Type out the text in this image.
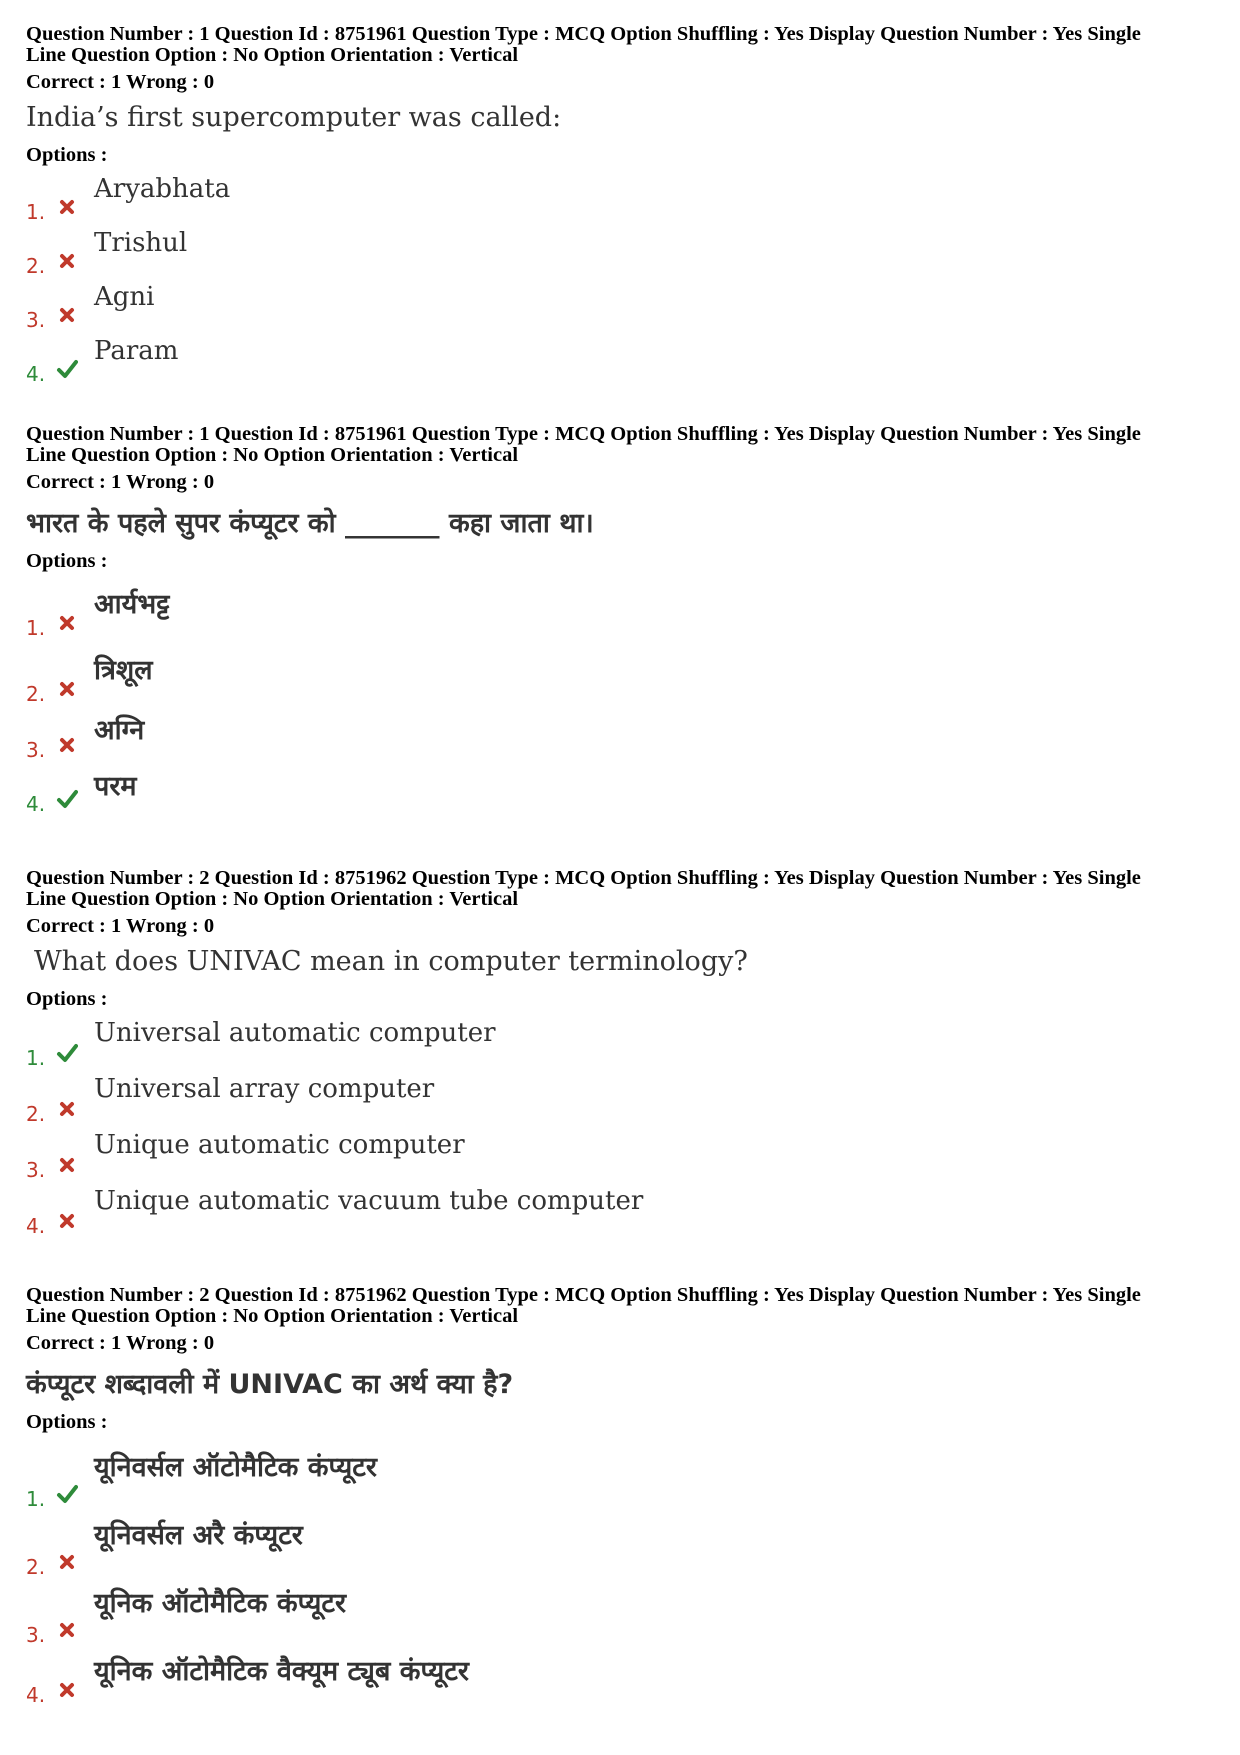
Question Number : 1 Question Id : 8751961 Question Type : MCQ Option Shuffling : Yes Display Question Number : Yes Single
Line Question Option : No Option Orientation : Vertical
Correct : 1 Wrong : 0
India’s first supercomputer was called:
Options :
1.
Aryabhata
2.
Trishul
3.
Agni
4.
Param
Question Number : 1 Question Id : 8751961 Question Type : MCQ Option Shuffling : Yes Display Question Number : Yes Single
Line Question Option : No Option Orientation : Vertical
Correct : 1 Wrong : 0
भारत के पहले सुपर कंप्यूटर को _______ कहा जाता था।
Options :
1.
आर्यभट्ट
2.
त्रिशूल
3.
अग्नि
4.
परम
Question Number : 2 Question Id : 8751962 Question Type : MCQ Option Shuffling : Yes Display Question Number : Yes Single
Line Question Option : No Option Orientation : Vertical
Correct : 1 Wrong : 0
What does UNIVAC mean in computer terminology?
Options :
1.
Universal automatic computer
2.
Universal array computer
3.
Unique automatic computer
4.
Unique automatic vacuum tube computer
Question Number : 2 Question Id : 8751962 Question Type : MCQ Option Shuffling : Yes Display Question Number : Yes Single
Line Question Option : No Option Orientation : Vertical
Correct : 1 Wrong : 0
कंप्यूटर शब्दावली में UNIVAC का अर्थ क्या है?
Options :
1.
यूनिवर्सल ऑटोमैटिक कंप्यूटर
2.
यूनिवर्सल अरै कंप्यूटर
3.
यूनिक ऑटोमैटिक कंप्यूटर
4.
यूनिक ऑटोमैटिक वैक्यूम ट्यूब कंप्यूटर
